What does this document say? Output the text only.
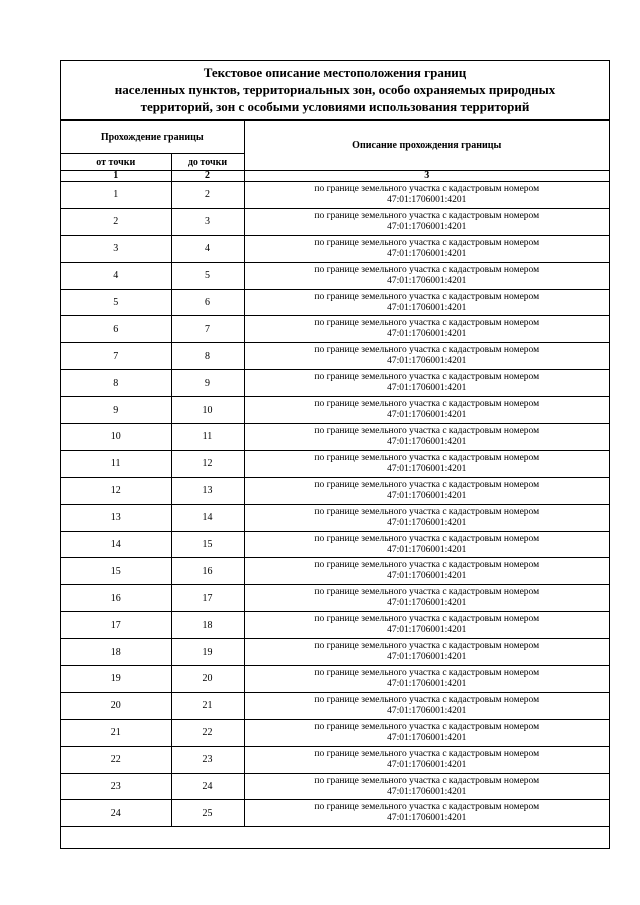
Текстовое описание местоположения границ
населенных пунктов, территориальных зон, особо охраняемых природных
территорий, зон с особыми условиями использования территорий
Прохождение границы		Описание прохождения границы
от точки	до точки	
1	2	3
1	2	по границе земельного участка с кадастровым номером
47:01:1706001:4201

2	3	по границе земельного участка с кадастровым номером
47:01:1706001:4201

3	4	по границе земельного участка с кадастровым номером
47:01:1706001:4201

4	5	по границе земельного участка с кадастровым номером
47:01:1706001:4201

5	6	по границе земельного участка с кадастровым номером
47:01:1706001:4201

6	7	по границе земельного участка с кадастровым номером
47:01:1706001:4201

7	8	по границе земельного участка с кадастровым номером
47:01:1706001:4201

8	9	по границе земельного участка с кадастровым номером
47:01:1706001:4201

9	10	по границе земельного участка с кадастровым номером
47:01:1706001:4201

10	11	по границе земельного участка с кадастровым номером
47:01:1706001:4201

11	12	по границе земельного участка с кадастровым номером
47:01:1706001:4201

12	13	по границе земельного участка с кадастровым номером
47:01:1706001:4201

13	14	по границе земельного участка с кадастровым номером
47:01:1706001:4201

14	15	по границе земельного участка с кадастровым номером
47:01:1706001:4201

15	16	по границе земельного участка с кадастровым номером
47:01:1706001:4201

16	17	по границе земельного участка с кадастровым номером
47:01:1706001:4201

17	18	по границе земельного участка с кадастровым номером
47:01:1706001:4201

18	19	по границе земельного участка с кадастровым номером
47:01:1706001:4201

19	20	по границе земельного участка с кадастровым номером
47:01:1706001:4201

20	21	по границе земельного участка с кадастровым номером
47:01:1706001:4201

21	22	по границе земельного участка с кадастровым номером
47:01:1706001:4201

22	23	по границе земельного участка с кадастровым номером
47:01:1706001:4201

23	24	по границе земельного участка с кадастровым номером
47:01:1706001:4201

24	25	по границе земельного участка с кадастровым номером
47:01:1706001:4201
